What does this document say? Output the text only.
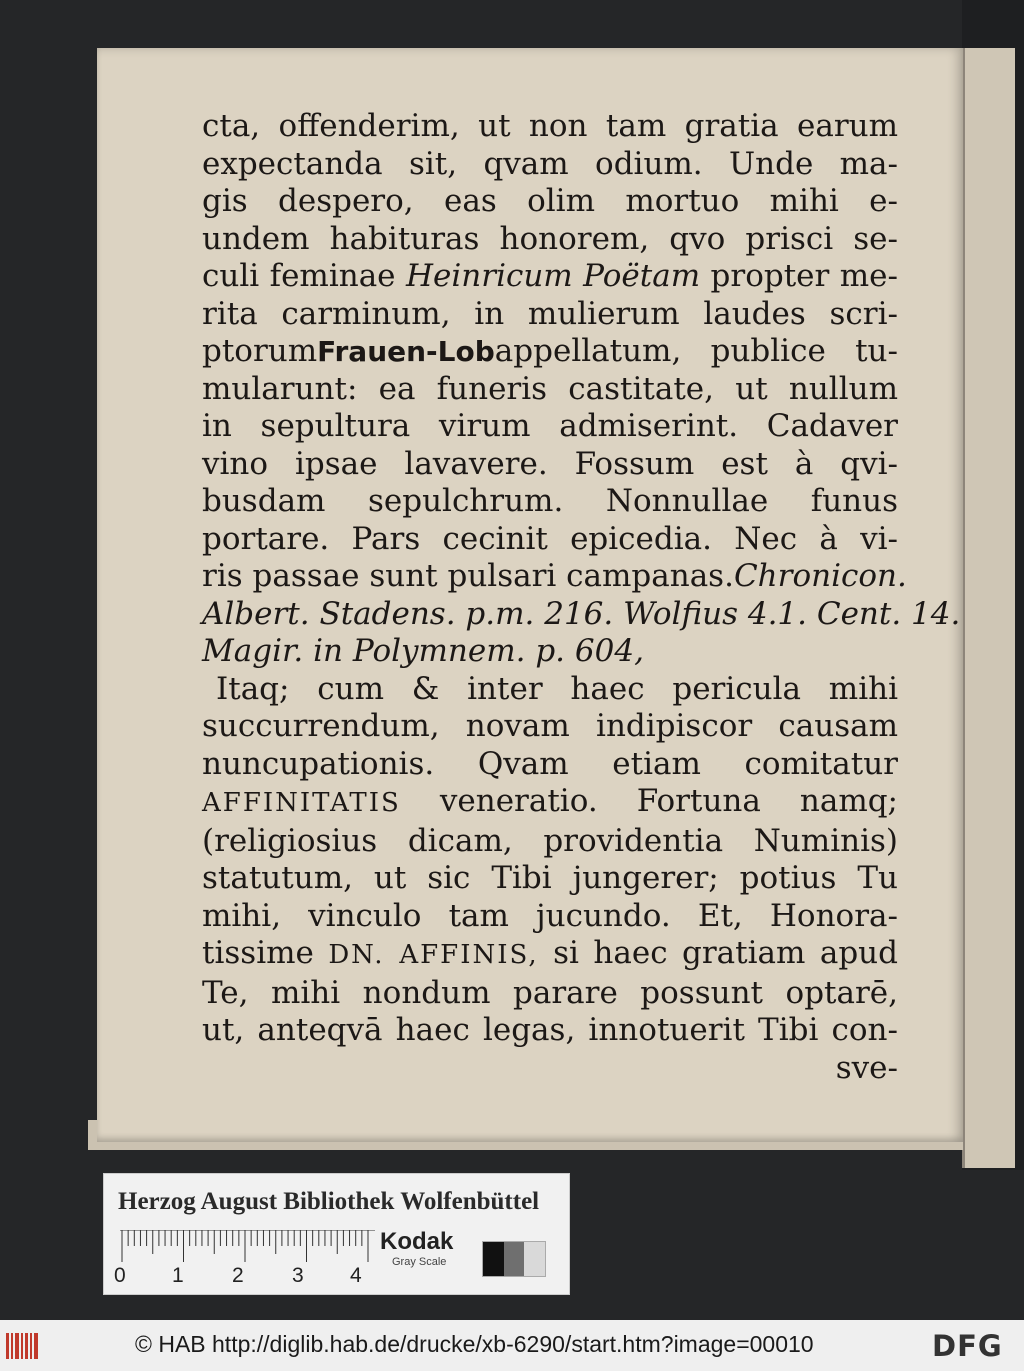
cta, offenderim, ut non tam gratia earum
expectanda sit, qvam odium. Unde ma-
gis despero, eas olim mortuo mihi e-
undem habituras honorem, qvo prisci se-
culi feminae Heinricum Poëtam propter me-
rita carminum, in mulierum laudes scri-
ptorumFrauen-Lobappellatum, publice tu-
mularunt: ea funeris castitate, ut nullum
in sepultura virum admiserint. Cadaver
vino ipsae lavavere. Fossum est à qvi-
busdam sepulchrum. Nonnullae funus
portare. Pars cecinit epicedia. Nec à vi-
ris passae sunt pulsari campanas.Chronicon.
Albert. Stadens. p.m. 216. Wolfius 4.1. Cent. 14.
Magir. in Polymnem. p. 604,
Itaq; cum & inter haec pericula mihi
succurrendum, novam indipiscor causam
nuncupationis. Qvam etiam comitatur
AFFINITATIS veneratio. Fortuna namq;
(religiosius dicam, providentia Numinis)
statutum, ut sic Tibi jungerer; potius Tu
mihi, vinculo tam jucundo. Et, Honora-
tissime DN. AFFINIS, si haec gratiam apud
Te, mihi nondum parare possunt optarē,
ut, anteqvā haec legas, innotuerit Tibi con-
sve-
Herzog August Bibliothek Wolfenbüttel
0 1 2 3 4
Kodak
Gray Scale
© HAB http://diglib.hab.de/drucke/xb-6290/start.htm?image=00010	DFG
